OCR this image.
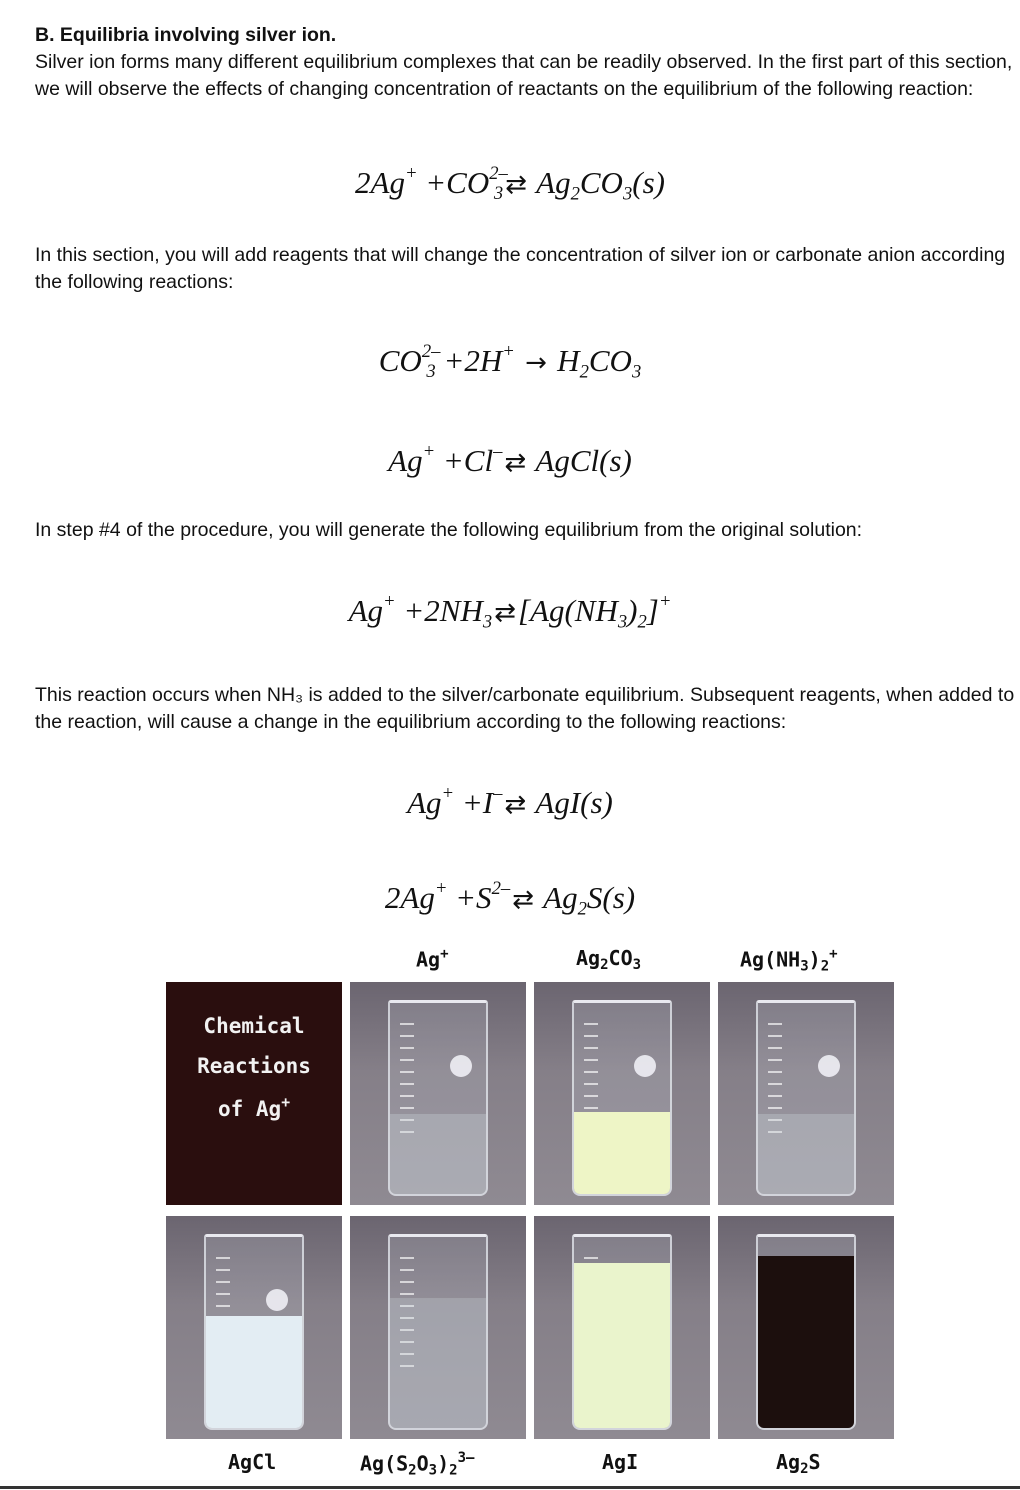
B. Equilibria involving silver ion.
Silver ion forms many different equilibrium complexes that can be readily observed. In the first part of this section, we will observe the effects of changing concentration of reactants on the equilibrium of the following reaction:
$2Ag^+ +CO^{2-}_3⇄$ $Ag_2CO_3(s)$
In this section, you will add reagents that will change the concentration of silver ion or carbonate anion according the following reactions:
$CO^{2-}_3 +2H^+ \to H_2CO_3$
Ag+ +Cl–⇄ AgCl(s)
In step #4 of the procedure, you will generate the following equilibrium from the original solution:
$Ag^+ +2NH_3⇄[Ag(NH_3)_2]^+$
This reaction occurs when NH₃ is added to the silver/carbonate equilibrium. Subsequent reagents, when added to the reaction, will cause a change in the equilibrium according to the following reactions:
Ag+ +I–⇄ AgI(s)
$2Ag^+ +S^{2-}⇄$ $Ag_2S(s)$
Ag+	$Ag_2CO_3$	$Ag(NH_3)_2^+$
Chemical
Reactions
of Ag+
AgCl	$Ag(S_2O_3)_2^{3-}$	AgI	$Ag_2S$
